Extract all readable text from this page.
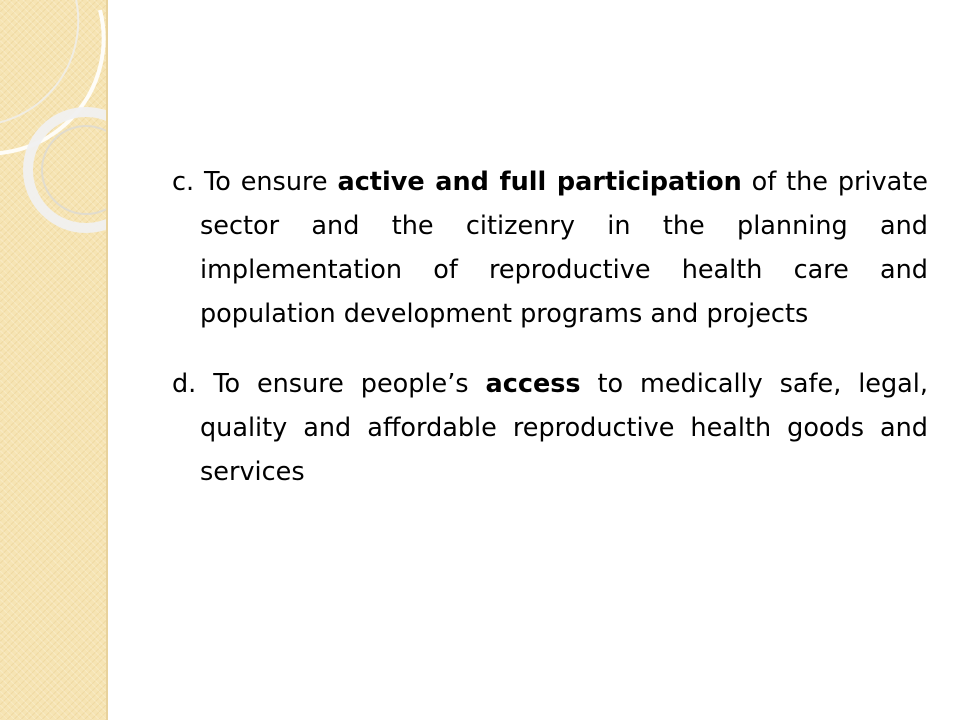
c. To ensure active and full participation of the private sector and the citizenry in the planning and implementation of reproductive health care and population development programs and projects

d. To ensure people’s access to medically safe, legal, quality and affordable reproductive health goods and services
